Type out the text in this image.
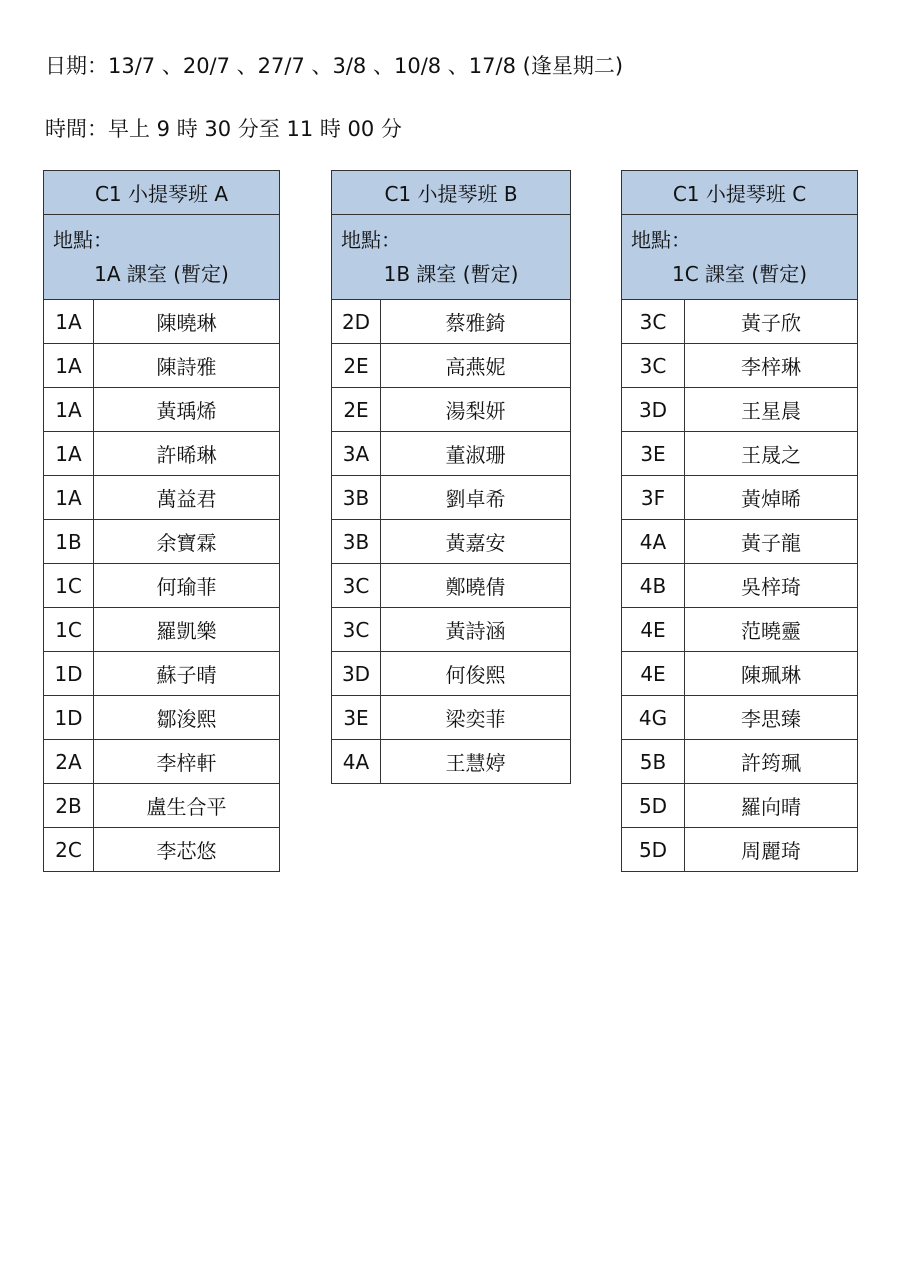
日期：13/7 、20/7 、27/7 、3/8 、10/8 、17/8 (逢星期二)
時間：早上 9 時 30 分至 11 時 00 分
C1 小提琴班 A	

地點：
1A 課室 (暫定)	

1A	陳曉琳
1A	陳詩雅
1A	黃瑀烯
1A	許晞琳
1A	萬益君
1B	余寶霖
1C	何瑜菲
1C	羅凱樂
1D	蘇子晴
1D	鄒浚熙
2A	李梓軒
2B	盧生合平
2C	李芯悠
C1 小提琴班 B	

地點：
1B 課室 (暫定)	

2D	蔡雅錡
2E	高燕妮
2E	湯梨妍
3A	董淑珊
3B	劉卓希
3B	黃嘉安
3C	鄭曉倩
3C	黃詩涵
3D	何俊熙
3E	梁奕菲
4A	王慧婷
C1 小提琴班 C	

地點：
1C 課室 (暫定)	

3C	黃子欣
3C	李梓琳
3D	王星晨
3E	王晟之
3F	黃焯晞
4A	黃子龍
4B	吳梓琦
4E	范曉靈
4E	陳珮琳
4G	李思臻
5B	許筠珮
5D	羅向晴
5D	周麗琦
